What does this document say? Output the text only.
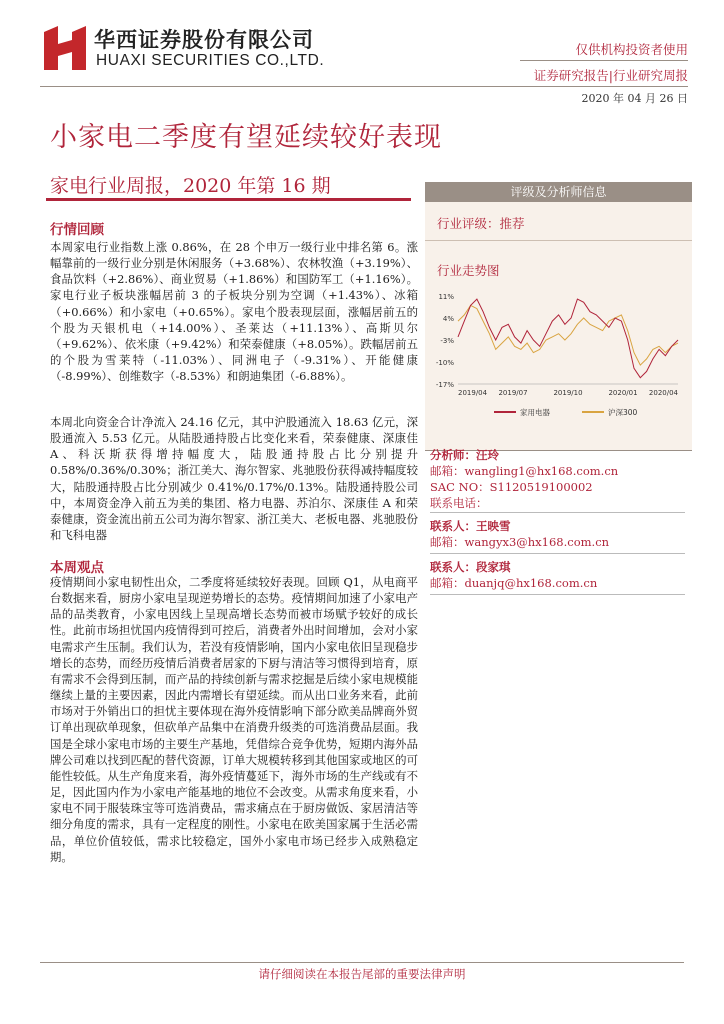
华西证券股份有限公司
HUAXI SECURITIES CO.,LTD.
仅供机构投资者使用
证券研究报告|行业研究周报
2020 年 04 月 26 日
小家电二季度有望延续较好表现
家电行业周报，2020 年第 16 期
行情回顾
本周家电行业指数上涨 0.86%，在 28 个申万一级行业中排名第 6。涨幅靠前的一级行业分别是休闲服务（+3.68%）、农林牧渔（+3.19%）、食品饮料（+2.86%）、商业贸易（+1.86%）和国防军工（+1.16%）。家电行业子板块涨幅居前 3 的子板块分别为空调（+1.43%）、冰箱（+0.66%）和小家电（+0.65%）。家电个股表现层面，涨幅居前五的个股为天银机电（+14.00%）、圣莱达（+11.13%）、高斯贝尔（+9.62%）、依米康（+9.42%）和荣泰健康（+8.05%）。跌幅居前五的个股为雪莱特（-11.03%）、同洲电子（-9.31%）、开能健康（-8.99%）、创维数字（-8.53%）和朗迪集团（-6.88%）。
本周北向资金合计净流入 24.16 亿元，其中沪股通流入 18.63 亿元，深股通流入 5.53 亿元。从陆股通持股占比变化来看，荣泰健康、深康佳 A、科沃斯获得增持幅度大，陆股通持股占比分别提升 0.58%/0.36%/0.30%；浙江美大、海尔智家、兆驰股份获得减持幅度较大，陆股通持股占比分别减少 0.41%/0.17%/0.13%。陆股通持股公司中，本周资金净入前五为美的集团、格力电器、苏泊尔、深康佳 A 和荣泰健康，资金流出前五公司为海尔智家、浙江美大、老板电器、兆驰股份和飞科电器
本周观点
疫情期间小家电韧性出众，二季度将延续较好表现。回顾 Q1，从电商平台数据来看，厨房小家电呈现逆势增长的态势。疫情期间加速了小家电产品的品类教育，小家电因线上呈现高增长态势而被市场赋予较好的成长性。此前市场担忧国内疫情得到可控后，消费者外出时间增加，会对小家电需求产生压制。我们认为，若没有疫情影响，国内小家电依旧呈现稳步增长的态势，而经历疫情后消费者居家的下厨与清洁等习惯得到培育，原有需求不会得到压制，而产品的持续创新与需求挖掘是后续小家电规模能继续上量的主要因素，因此内需增长有望延续。而从出口业务来看，此前市场对于外销出口的担忧主要体现在海外疫情影响下部分欧美品牌商外贸订单出现砍单现象，但砍单产品集中在消费升级类的可选消费品层面。我国是全球小家电市场的主要生产基地，凭借综合竞争优势，短期内海外品牌公司难以找到匹配的替代资源，订单大规模转移到其他国家或地区的可能性较低。从生产角度来看，海外疫情蔓延下，海外市场的生产线或有不足，因此国内作为小家电产能基地的地位不会改变。从需求角度来看，小家电不同于服装珠宝等可选消费品，需求痛点在于厨房做饭、家居清洁等细分角度的需求，具有一定程度的刚性。小家电在欧美国家属于生活必需品，单位价值较低，需求比较稳定，国外小家电市场已经步入成熟稳定期。
评级及分析师信息
行业评级：推荐
行业走势图
11%
4%
-3%
-10%
-17%
2019/04 2019/07	2019/10	2020/01 2020/04
家用电器	沪深300
分析师：汪玲
邮箱：wangling1@hx168.com.cn
SAC NO：S1120519100002
联系电话：
联系人：王映雪
邮箱：wangyx3@hx168.com.cn
联系人：段家琪
邮箱：duanjq@hx168.com.cn
请仔细阅读在本报告尾部的重要法律声明
